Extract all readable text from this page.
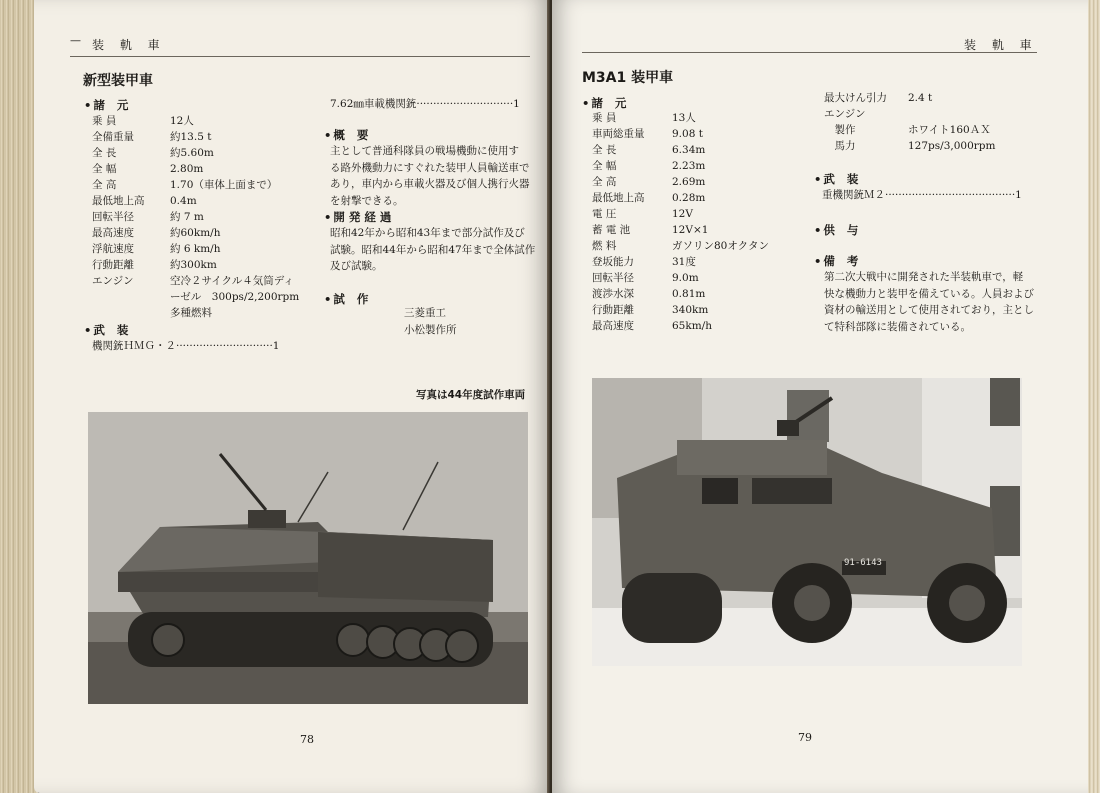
— 装 軌 車
新型装甲車
• 諸 元
乗 員	12人
全備重量	約13.5 t
全 長	約5.60m
全 幅	2.80m
全 高	1.70（車体上面まで）
最低地上高	0.4m
回転半径	約 7 m
最高速度	約60km/h
浮航速度	約 6 km/h
行動距離	約300km
エンジン	空冷２サイクル４気筒ディ
ーゼル　300ps/2,200rpm
多種燃料
• 武 装
機関銃ＨＭＧ・２·····························1
7.62㎜車載機関銃·····························1
• 概 要

主として普通科隊員の戦場機動に使用す

る路外機動力にすぐれた装甲人員輸送車で

あり，車内から車載火器及び個人携行火器

を射撃できる。

• 開発経過

昭和42年から昭和43年まで部分試作及び

試験。昭和44年から昭和47年まで全体試作

及び試験。

• 試 作

三菱重工

小松製作所

写真は44年度試作車両
78
装 軌 車
M3A1 装甲車
• 諸 元
乗 員	13人
車両総重量	9.08 t
全 長	6.34m
全 幅	2.23m
全 高	2.69m
最低地上高	0.28m
電 圧	12V
蓄 電 池	12V×1
燃 料	ガソリン80オクタン
登坂能力	31度
回転半径	9.0m
渡渉水深	0.81m
行動距離	340km
最高速度	65km/h
最大けん引力	2.4 t
エンジン
　製作	ホワイト160ＡＸ
　馬力	127ps/3,000rpm
• 武 装
重機関銃Ｍ２·······································1
• 供 与
• 備 考

第二次大戦中に開発された半装軌車で，軽

快な機動力と装甲を備えている。人員および

資材の輸送用として使用されており，主とし

て特科部隊に装備されている。

91-6143
79
